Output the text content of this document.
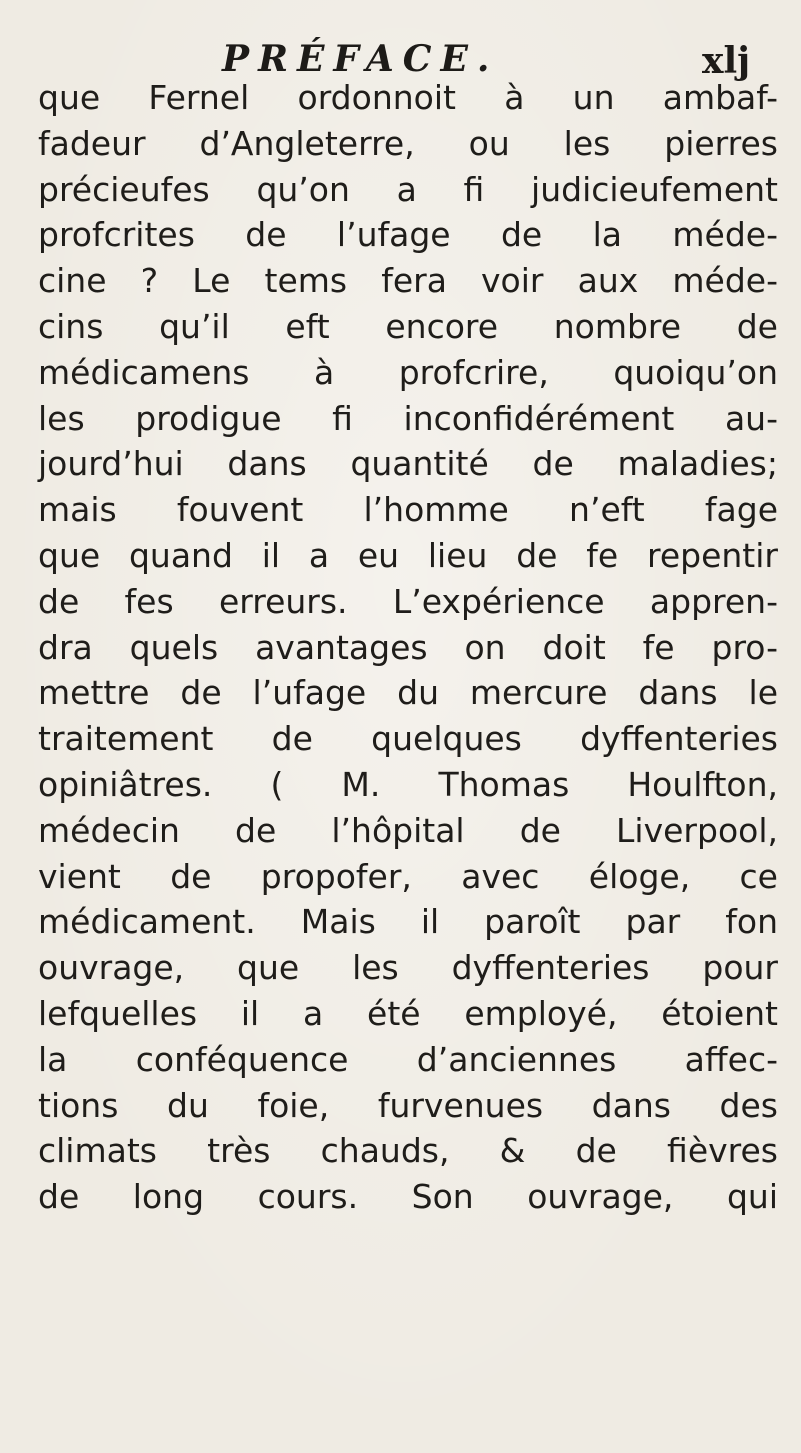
PRÉFACE.	xlj
que Fernel ordonnoit à un ambaf-
fadeur d’Angleterre, ou les pierres
précieufes qu’on a fi judicieufement
profcrites de l’ufage de la méde-
cine ? Le tems fera voir aux méde-
cins qu’il eft encore nombre de
médicamens à profcrire, quoiqu’on
les prodigue fi inconfidérément au-
jourd’hui dans quantité de maladies;
mais fouvent l’homme n’eft fage
que quand il a eu lieu de fe repentir
de fes erreurs. L’expérience appren-
dra quels avantages on doit fe pro-
mettre de l’ufage du mercure dans le
traitement de quelques dyffenteries
opiniâtres. ( M. Thomas Houlfton,
médecin de l’hôpital de Liverpool,
vient de propofer, avec éloge, ce
médicament. Mais il paroît par fon
ouvrage, que les dyffenteries pour
lefquelles il a été employé, étoient
la conféquence d’anciennes affec-
tions du foie, furvenues dans des
climats très chauds, & de fièvres
de long cours. Son ouvrage, qui
